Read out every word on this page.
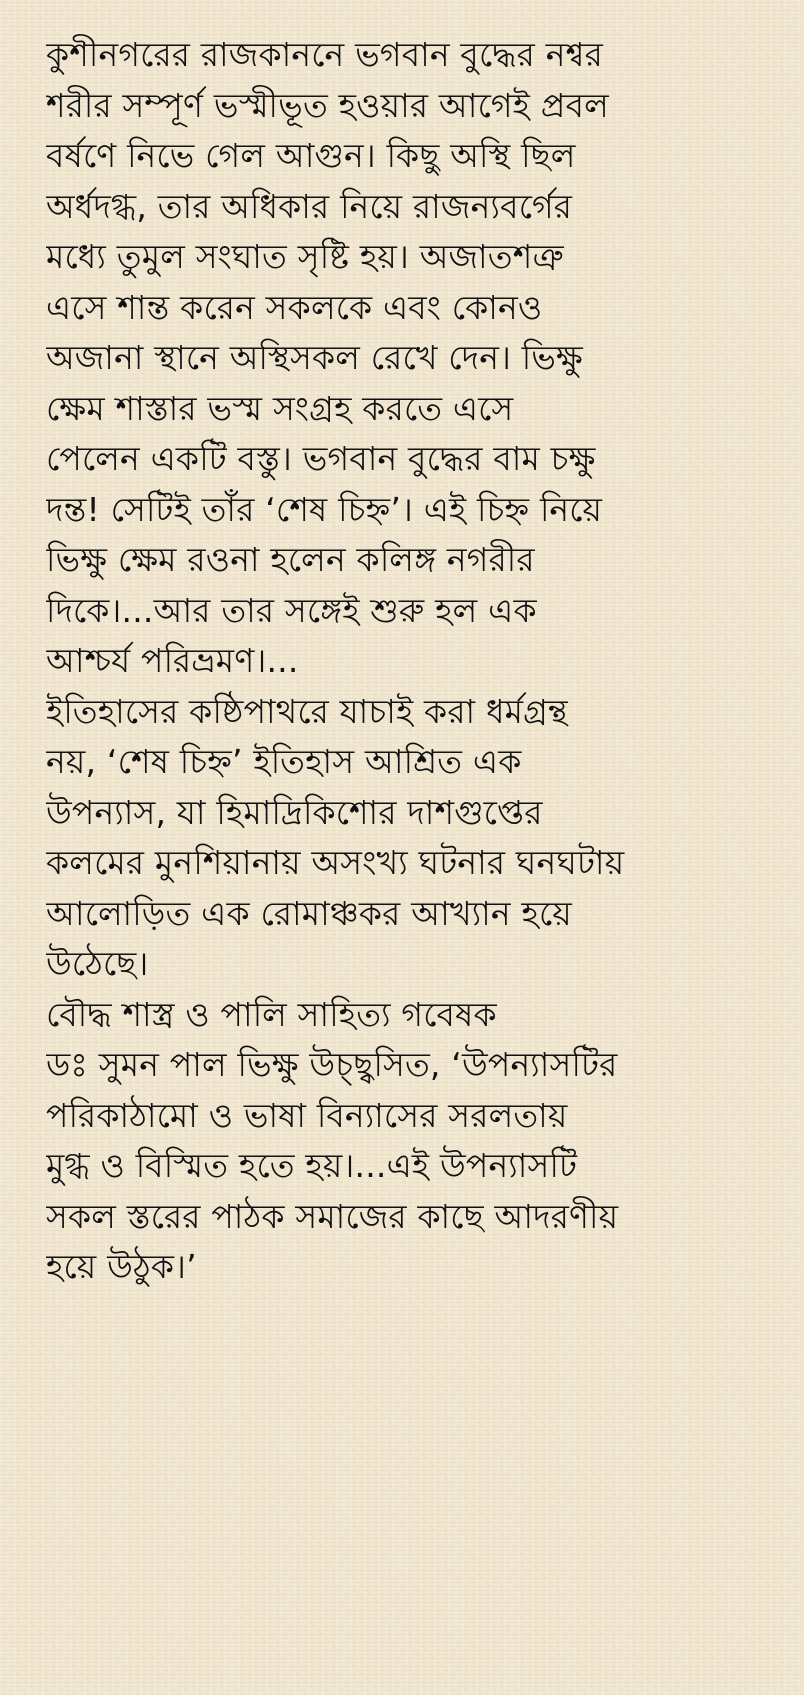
কুশীনগরের রাজকাননে ভগবান বুদ্ধের নশ্বর
শরীর সম্পূর্ণ ভস্মীভূত হওয়ার আগেই প্রবল
বর্ষণে নিভে গেল আগুন। কিছু অস্থি ছিল
অর্ধদগ্ধ, তার অধিকার নিয়ে রাজন্যবর্গের
মধ্যে তুমুল সংঘাত সৃষ্টি হয়। অজাতশত্রু
এসে শান্ত করেন সকলকে এবং কোনও
অজানা স্থানে অস্থিসকল রেখে দেন। ভিক্ষু
ক্ষেম শাস্তার ভস্ম সংগ্রহ করতে এসে
পেলেন একটি বস্তু। ভগবান বুদ্ধের বাম চক্ষু
দন্ত! সেটিই তাঁর ‘শেষ চিহ্ন’। এই চিহ্ন নিয়ে
ভিক্ষু ক্ষেম রওনা হলেন কলিঙ্গ নগরীর
দিকে।...আর তার সঙ্গেই শুরু হল এক
আশ্চর্য পরিভ্রমণ।...
ইতিহাসের কষ্ঠিপাথরে যাচাই করা ধর্মগ্রন্থ
নয়, ‘শেষ চিহ্ন’ ইতিহাস আশ্রিত এক
উপন্যাস, যা হিমাদ্রিকিশোর দাশগুপ্তের
কলমের মুনশিয়ানায় অসংখ্য ঘটনার ঘনঘটায়
আলোড়িত এক রোমাঞ্চকর আখ্যান হয়ে
উঠেছে।
বৌদ্ধ শাস্ত্র ও পালি সাহিত্য গবেষক
ডঃ সুমন পাল ভিক্ষু উচ্ছ্বসিত, ‘উপন্যাসটির
পরিকাঠামো ও ভাষা বিন্যাসের সরলতায়
মুগ্ধ ও বিস্মিত হতে হয়।...এই উপন্যাসটি
সকল স্তরের পাঠক সমাজের কাছে আদরণীয়
হয়ে উঠুক।’
